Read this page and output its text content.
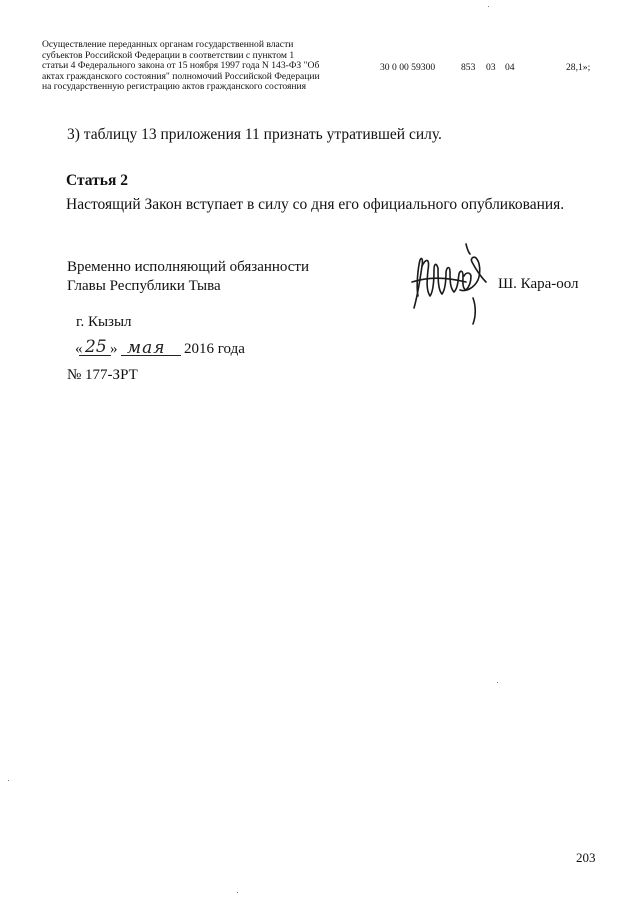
Осуществление переданных органам государственной власти
субъектов Российской Федерации в соответствии с пунктом 1
статьи 4 Федерального закона от 15 ноября 1997 года N 143-ФЗ "Об
актах гражданского состояния" полномочий Российской Федерации
на государственную регистрацию актов гражданского состояния
30 0 00 59300	853 03 04	28,1»;
3) таблицу 13 приложения 11 признать утратившей силу.
Статья 2
Настоящий Закон вступает в силу со дня его официального опубликования.
Временно исполняющий обязанности
Главы Республики Тыва	Ш. Кара-оол
г. Кызыл
« 25 » мая 2016 года
№ 177-ЗРТ
203
